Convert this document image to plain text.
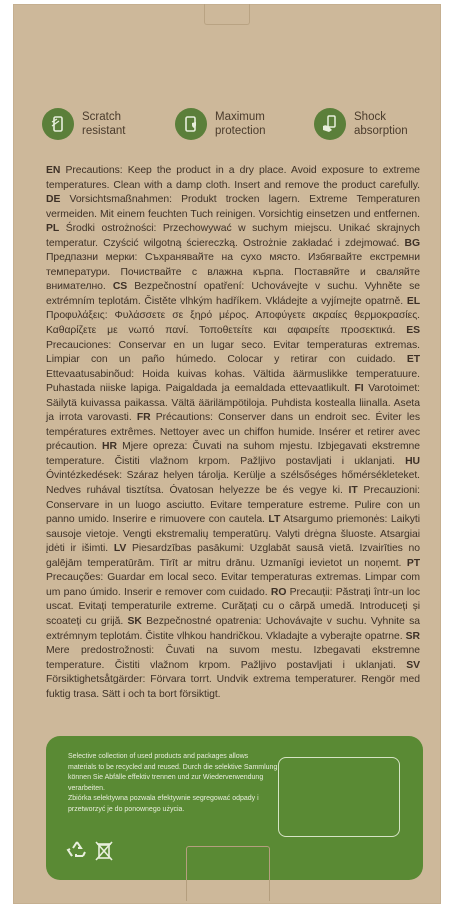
Scratch
resistant
Maximum
protection
Shock
absorption
EN Precautions: Keep the product in a dry place. Avoid exposure to extreme temperatures. Clean with a damp cloth. Insert and remove the product carefully. DE Vorsichtsmaßnahmen: Produkt trocken lagern. Extreme Temperaturen vermeiden. Mit einem feuchten Tuch reinigen. Vorsichtig einsetzen und entfernen. PL Środki ostrożności: Przechowywać w suchym miejscu. Unikać skrajnych temperatur. Czyścić wilgotną ściereczką. Ostrożnie zakładać i zdejmować. BG Предпазни мерки: Съхранявайте на сухо място. Избягвайте екстремни температури. Почиствайте с влажна кърпа. Поставяйте и сваляйте внимателно. CS Bezpečnostní opatření: Uchovávejte v suchu. Vyhněte se extrémním teplotám. Čistěte vlhkým hadříkem. Vkládejte a vyjímejte opatrně. EL Προφυλάξεις: Φυλάσσετε σε ξηρό μέρος. Αποφύγετε ακραίες θερμοκρασίες. Καθαρίζετε με νωπό πανί. Τοποθετείτε και αφαιρείτε προσεκτικά. ES Precauciones: Conservar en un lugar seco. Evitar temperaturas extremas. Limpiar con un paño húmedo. Colocar y retirar con cuidado. ET Ettevaatusabinõud: Hoida kuivas kohas. Vältida äärmuslikke temperatuure. Puhastada niiske lapiga. Paigaldada ja eemaldada ettevaatlikult. FI Varotoimet: Säilytä kuivassa paikassa. Vältä äärilämpötiloja. Puhdista kostealla liinalla. Aseta ja irrota varovasti. FR Précautions: Conserver dans un endroit sec. Éviter les températures extrêmes. Nettoyer avec un chiffon humide. Insérer et retirer avec précaution. HR Mjere opreza: Čuvati na suhom mjestu. Izbjegavati ekstremne temperature. Čistiti vlažnom krpom. Pažljivo postavljati i uklanjati. HU Óvintézkedések: Száraz helyen tárolja. Kerülje a szélsőséges hőmérsékleteket. Nedves ruhával tisztítsa. Óvatosan helyezze be és vegye ki. IT Precauzioni: Conservare in un luogo asciutto. Evitare temperature estreme. Pulire con un panno umido. Inserire e rimuovere con cautela. LT Atsargumo priemonės: Laikyti sausoje vietoje. Vengti ekstremalių temperatūrų. Valyti drėgna šluoste. Atsargiai įdėti ir išimti. LV Piesardzības pasākumi: Uzglabāt sausā vietā. Izvairīties no galējām temperatūrām. Tīrīt ar mitru drānu. Uzmanīgi ievietot un noņemt. PT Precauções: Guardar em local seco. Evitar temperaturas extremas. Limpar com um pano úmido. Inserir e remover com cuidado. RO Precauții: Păstrați într-un loc uscat. Evitați temperaturile extreme. Curățați cu o cârpă umedă. Introduceți și scoateți cu grijă. SK Bezpečnostné opatrenia: Uchovávajte v suchu. Vyhnite sa extrémnym teplotám. Čistite vlhkou handričkou. Vkladajte a vyberajte opatrne. SR Mere predostrožnosti: Čuvati na suvom mestu. Izbegavati ekstremne temperature. Čistiti vlažnom krpom. Pažljivo postavljati i uklanjati. SV Försiktighetsåtgärder: Förvara torrt. Undvik extrema temperaturer. Rengör med fuktig trasa. Sätt i och ta bort försiktigt.
Selective collection of used products and packages allows materials to be recycled and reused. Durch die selektive Sammlung können Sie Abfälle effektiv trennen und zur Wiederverwendung verarbeiten.
Zbiórka selektywna pozwala efektywnie segregować odpady i przetworzyć je do ponownego użycia.
